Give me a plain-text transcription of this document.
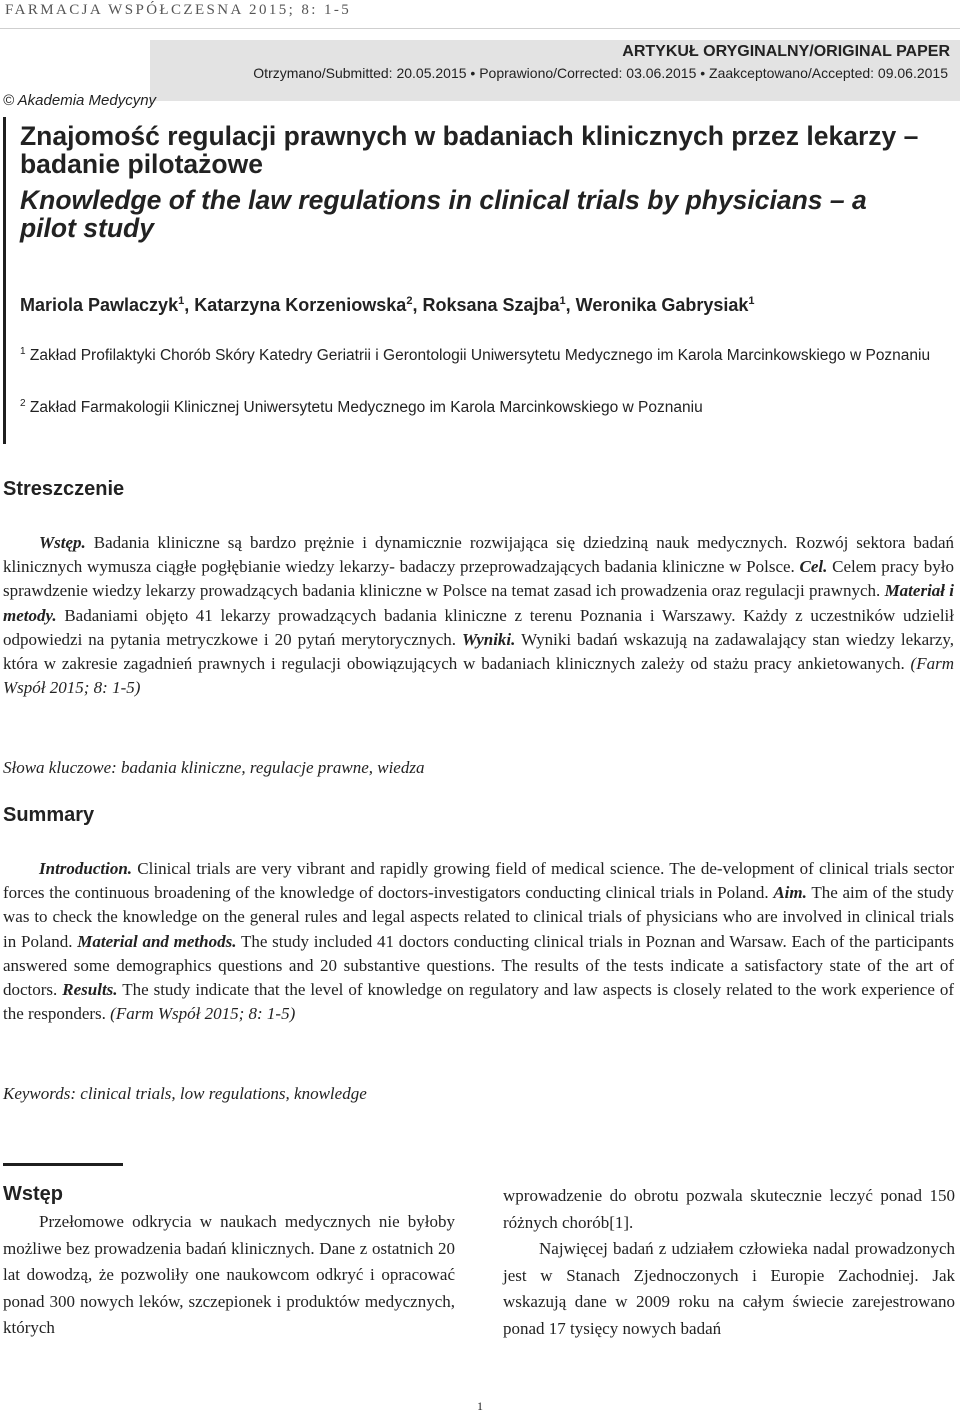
FARMACJA WSPÓŁCZESNA 2015; 8: 1-5
ARTYKUŁ ORYGINALNY/ORIGINAL PAPER
Otrzymano/Submitted: 20.05.2015 • Poprawiono/Corrected: 03.06.2015 • Zaakceptowano/Accepted: 09.06.2015
© Akademia Medycyny
Znajomość regulacji prawnych w badaniach klinicznych przez lekarzy – badanie pilotażowe
Knowledge of the law regulations in clinical trials by physicians – a pilot study
Mariola Pawlaczyk$^1$, Katarzyna Korzeniowska$^2$, Roksana Szajba$^1$, Weronika Gabrysiak$^1$
$^1$ Zakład Profilaktyki Chorób Skóry Katedry Geriatrii i Gerontologii Uniwersytetu Medycznego im Karola Marcinkowskiego w Poznaniu
$^2$ Zakład Farmakologii Klinicznej Uniwersytetu Medycznego im Karola Marcinkowskiego w Poznaniu
Streszczenie
Wstęp. Badania kliniczne są bardzo prężnie i dynamicznie rozwijająca się dziedziną nauk medycznych. Rozwój sektora badań klinicznych wymusza ciągłe pogłębianie wiedzy lekarzy- badaczy przeprowadzających badania kliniczne w Polsce. Cel. Celem pracy było sprawdzenie wiedzy lekarzy prowadzących badania kliniczne w Polsce na temat zasad ich prowadzenia oraz regulacji prawnych. Materiał i metody. Badaniami objęto 41 lekarzy prowadzących badania kliniczne z terenu Poznania i Warszawy. Każdy z uczestników udzielił odpowiedzi na pytania metryczkowe i 20 pytań merytorycznych. Wyniki. Wyniki badań wskazują na zadawalający stan wiedzy lekarzy, która w zakresie zagadnień prawnych i regulacji obowiązujących w badaniach klinicznych zależy od stażu pracy ankietowanych. (Farm Współ 2015; 8: 1-5)
Słowa kluczowe: badania kliniczne, regulacje prawne, wiedza
Summary
Introduction. Clinical trials are very vibrant and rapidly growing field of medical science. The de-velopment of clinical trials sector forces the continuous broadening of the knowledge of doctors-investigators conducting clinical trials in Poland. Aim. The aim of the study was to check the knowledge on the general rules and legal aspects related to clinical trials of physicians who are involved in clinical trials in Poland. Material and methods. The study included 41 doctors conducting clinical trials in Poznan and Warsaw. Each of the participants answered some demographics questions and 20 substantive questions. The results of the tests indicate a satisfactory state of the art of doctors. Results. The study indicate that the level of knowledge on regulatory and law aspects is closely related to the work experience of the responders. (Farm Współ 2015; 8: 1-5)
Keywords: clinical trials, low regulations, knowledge
Wstęp
Przełomowe odkrycia w naukach medycznych nie byłoby możliwe bez prowadzenia badań klinicznych. Dane z ostatnich 20 lat dowodzą, że pozwoliły one naukowcom odkryć i opracować ponad 300 nowych leków, szczepionek i produktów medycznych, których
wprowadzenie do obrotu pozwala skutecznie leczyć ponad 150 różnych chorób[1].
Najwięcej badań z udziałem człowieka nadal prowadzonych jest w Stanach Zjednoczonych i Europie Zachodniej. Jak wskazują dane w 2009 roku na całym świecie zarejestrowano ponad 17 tysięcy nowych badań
1
